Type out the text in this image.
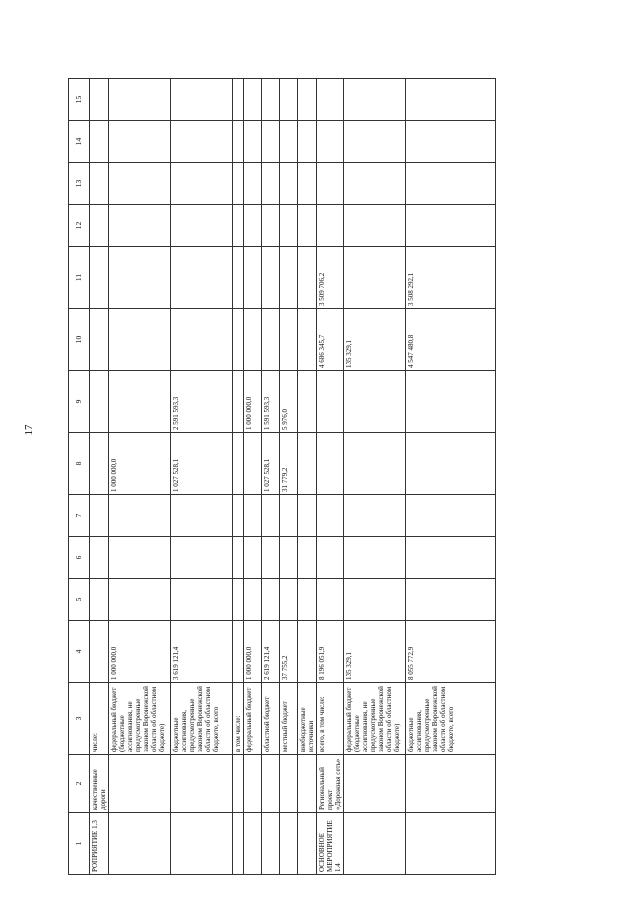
17
1	2	3	4	5	6	7	8	9	10	11	12	13	14	15
РОПРИЯТИЕ 1.3	качественные дороги	числе:												
		федеральный бюджет (бюджетные ассигнования, не предусмотренные законом Воронежской области об областном бюджете)	1 000 000,0				1 000 000,0							
		бюджетные ассигнования, предусмотренные законом Воронежской области об областном бюджете, всего	3 619 121,4				1 027 528,1	2 591 593,3						
		в том числе:												
		федеральный бюджет	1 000 000,0					1 000 000,0						
		областной бюджет	2 619 121,4				1 027 528,1	1 591 593,3						
		местный бюджет	37 755,2				31 779,2	5 976,0						
		внебюджетные источники												
ОСНОВНОЕ МЕРОПРИЯТИЕ 1.4	Региональный проект «Дорожная сеть»	всего, в том числе:	8 196 051,9						4 686 345,7	3 509 706,2				
		федеральный бюджет (бюджетные ассигнования, не предусмотренные законом Воронежской области об областном бюджете)	135 329,1						135 329,1					
		бюджетные ассигнования, предусмотренные законом Воронежской области об областном бюджете, всего	8 055 772,9						4 547 480,8	3 508 292,1				
